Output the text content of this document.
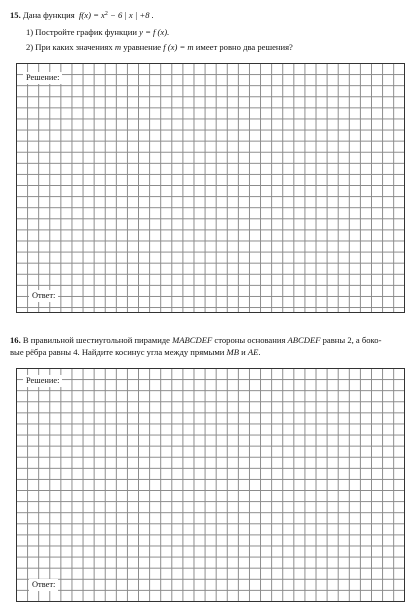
15. Дана функция $f(x) = x^2 - 6$ | x | +8 .
1) Постройте график функции y = f (x).
2) При каких значениях m уравнение f (x) = m имеет ровно два решения?
Решение:
Ответ:
16. В правильной шестиугольной пирамиде MABCDEF стороны основания ABCDEF равны 2, а боко-
вые рёбра равны 4. Найдите косинус угла между прямыми MB и AE.
Решение:
Ответ:
